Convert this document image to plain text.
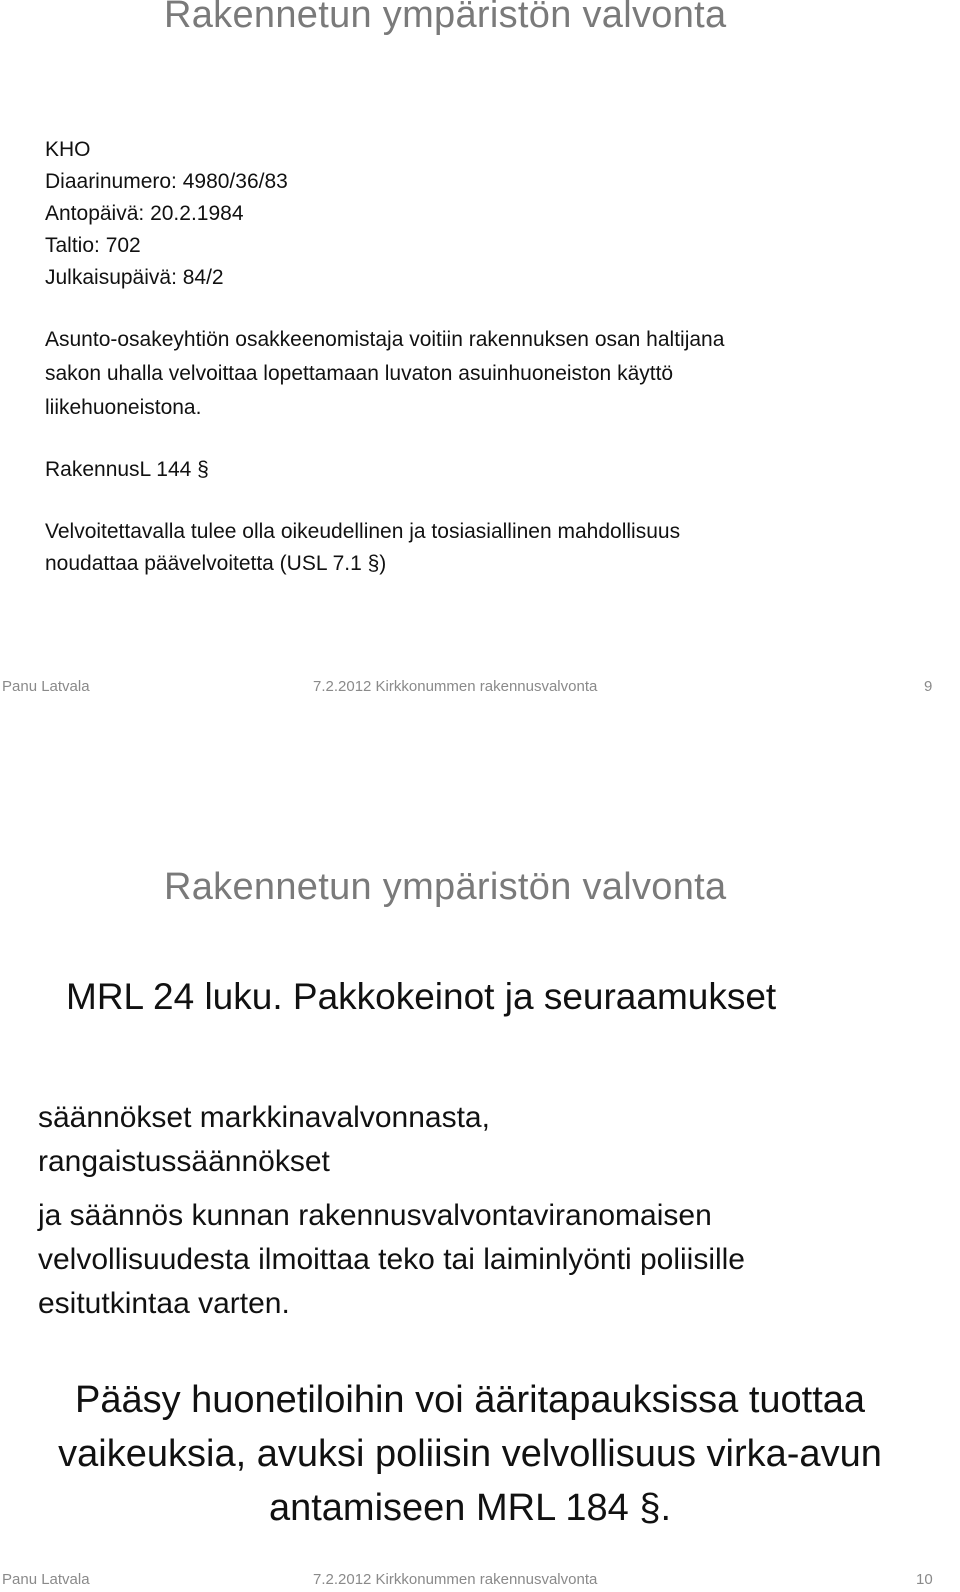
Rakennetun ympäristön valvonta
KHO
Diaarinumero: 4980/36/83
Antopäivä: 20.2.1984
Taltio: 702
Julkaisupäivä: 84/2
Asunto-osakeyhtiön osakkeenomistaja voitiin rakennuksen osan haltijana
sakon uhalla velvoittaa lopettamaan luvaton asuinhuoneiston käyttö
liikehuoneistona.
RakennusL 144 §
Velvoitettavalla tulee olla oikeudellinen ja tosiasiallinen mahdollisuus
noudattaa päävelvoitetta (USL 7.1 §)
Panu Latvala	7.2.2012 Kirkkonummen rakennusvalvonta	9
Rakennetun ympäristön valvonta
MRL 24 luku. Pakkokeinot ja seuraamukset
säännökset markkinavalvonnasta,
rangaistussäännökset
ja säännös kunnan rakennusvalvontaviranomaisen
velvollisuudesta ilmoittaa teko tai laiminlyönti poliisille
esitutkintaa varten.
Pääsy huonetiloihin voi ääritapauksissa tuottaa
vaikeuksia, avuksi poliisin velvollisuus virka-avun
antamiseen MRL 184 §.
Panu Latvala	7.2.2012 Kirkkonummen rakennusvalvonta	10
